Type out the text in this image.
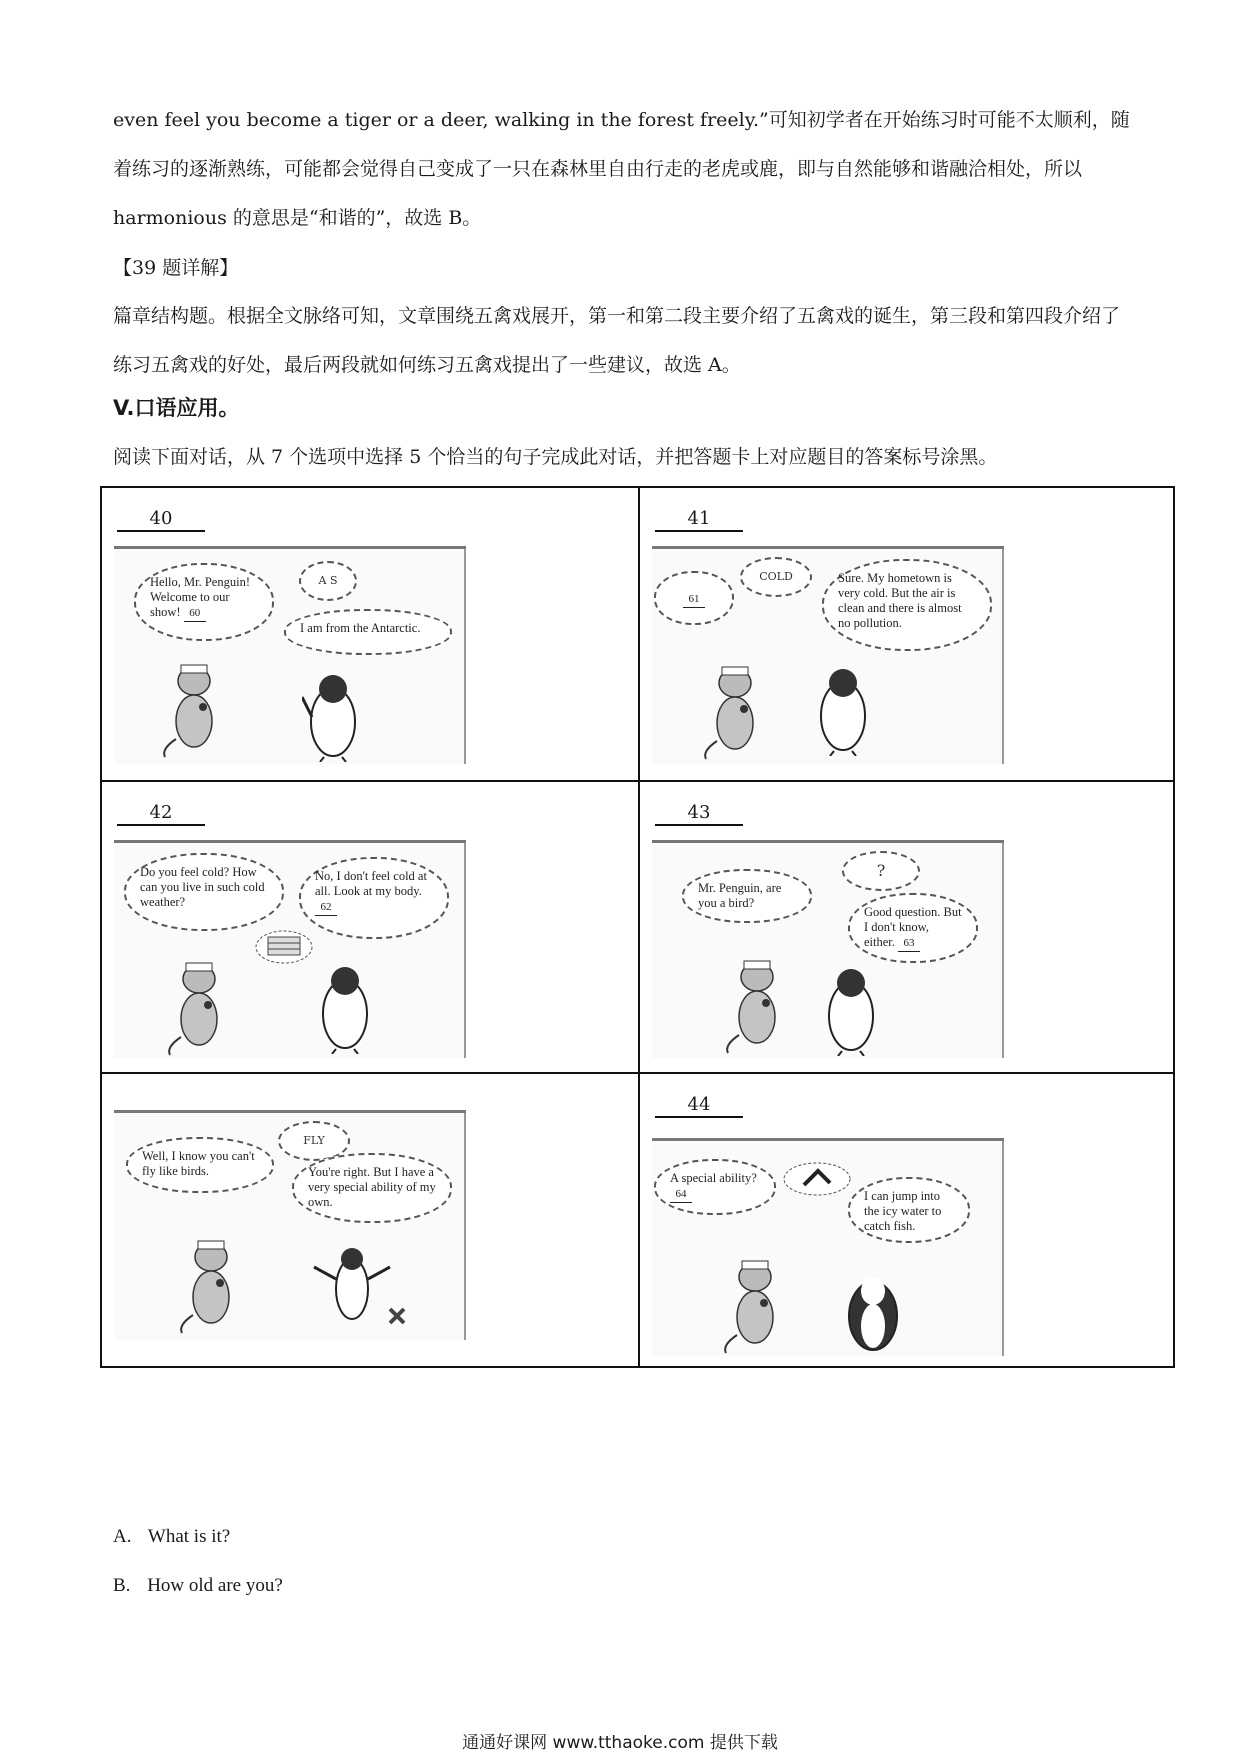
even feel you become a tiger or a deer, walking in the forest freely.”可知初学者在开始练习时可能不太顺利，随着练习的逐渐熟练，可能都会觉得自己变成了一只在森林里自由行走的老虎或鹿，即与自然能够和谐融洽相处，所以 harmonious 的意思是“和谐的”，故选 B。
【39 题详解】
篇章结构题。根据全文脉络可知，文章围绕五禽戏展开，第一和第二段主要介绍了五禽戏的诞生，第三段和第四段介绍了练习五禽戏的好处，最后两段就如何练习五禽戏提出了一些建议，故选 A。
V.口语应用。
阅读下面对话，从 7 个选项中选择 5 个恰当的句子完成此对话，并把答题卡上对应题目的答案标号涂黑。
40
Hello, Mr. Penguin! Welcome to our show! 60
A S
I am from the Antarctic.
41
61
COLD	Sure. My hometown is very cold. But the air is clean and there is almost no pollution.
42
Do you feel cold? How can you live in such cold weather?
No, I don't feel cold at all. Look at my body. 62
43
Mr. Penguin, are you a bird?
?
Good question. But I don't know, either. 63
Well, I know you can't fly like birds.
FLY
You're right. But I have a very special ability of my own.
44
A special ability? 64	I can jump into the icy water to catch fish.
A. What is it?
B. How old are you?
通通好课网 www.tthaoke.com 提供下载
